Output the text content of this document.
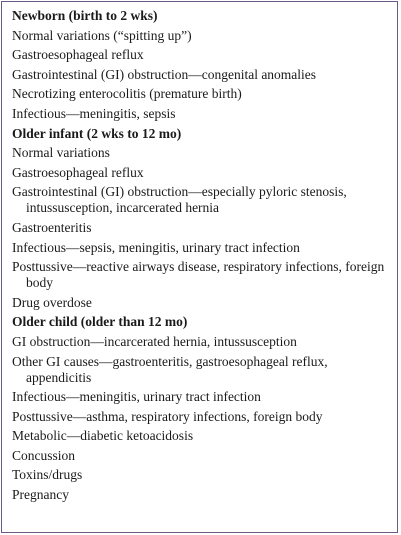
Newborn (birth to 2 wks)
Normal variations (“spitting up”)
Gastroesophageal reflux
Gastrointestinal (GI) obstruction—congenital anomalies
Necrotizing enterocolitis (premature birth)
Infectious—meningitis, sepsis
Older infant (2 wks to 12 mo)
Normal variations
Gastroesophageal reflux
Gastrointestinal (GI) obstruction—especially pyloric stenosis, intussusception, incarcerated hernia
Gastroenteritis
Infectious—sepsis, meningitis, urinary tract infection
Posttussive—reactive airways disease, respiratory infections, foreign body
Drug overdose
Older child (older than 12 mo)
GI obstruction—incarcerated hernia, intussusception
Other GI causes—gastroenteritis, gastroesophageal reflux, appendicitis
Infectious—meningitis, urinary tract infection
Posttussive—asthma, respiratory infections, foreign body
Metabolic—diabetic ketoacidosis
Concussion
Toxins/drugs
Pregnancy
